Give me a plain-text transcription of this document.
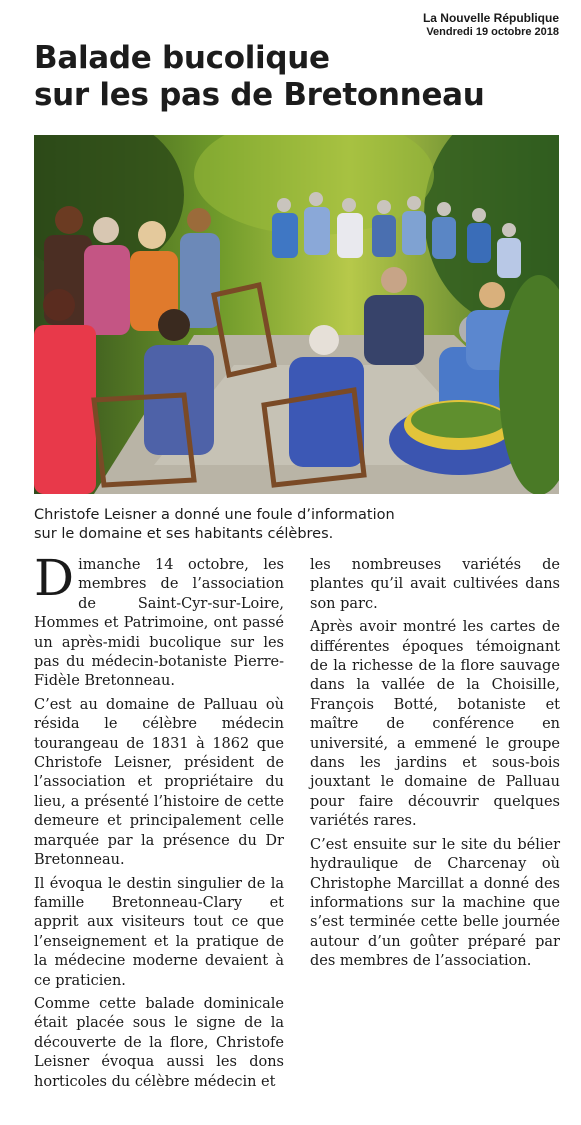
La Nouvelle République
Vendredi 19 octobre 2018
Balade bucolique
sur les pas de Bretonneau
Christofe Leisner a donné une foule d’information
sur le domaine et ses habitants célèbres.

Dimanche 14 octobre, les membres de l’association de Saint-Cyr-sur-Loire, Hommes et Patrimoine, ont passé un après-midi bucolique sur les pas du médecin-botaniste Pierre-Fidèle Bretonneau.

C’est au domaine de Palluau où résida le célèbre médecin tourangeau de 1831 à 1862 que Christofe Leisner, président de l’association et propriétaire du lieu, a présenté l’histoire de cette demeure et principalement celle marquée par la présence du Dr Bretonneau.

Il évoqua le destin singulier de la famille Bretonneau-Clary et apprit aux visiteurs tout ce que l’enseignement et la pratique de la médecine moderne devaient à ce praticien.

Comme cette balade dominicale était placée sous le signe de la découverte de la flore, Christofe Leisner évoqua aussi les dons horticoles du célèbre médecin et

les nombreuses variétés de plantes qu’il avait cultivées dans son parc.

Après avoir montré les cartes de différentes époques témoignant de la richesse de la flore sauvage dans la vallée de la Choisille, François Botté, botaniste et maître de conférence en université, a emmené le groupe dans les jardins et sous-bois jouxtant le domaine de Palluau pour faire découvrir quelques variétés rares.

C’est ensuite sur le site du bélier hydraulique de Charcenay où Christophe Marcillat a donné des informations sur la machine que s’est terminée cette belle journée autour d’un goûter préparé par des membres de l’association.
